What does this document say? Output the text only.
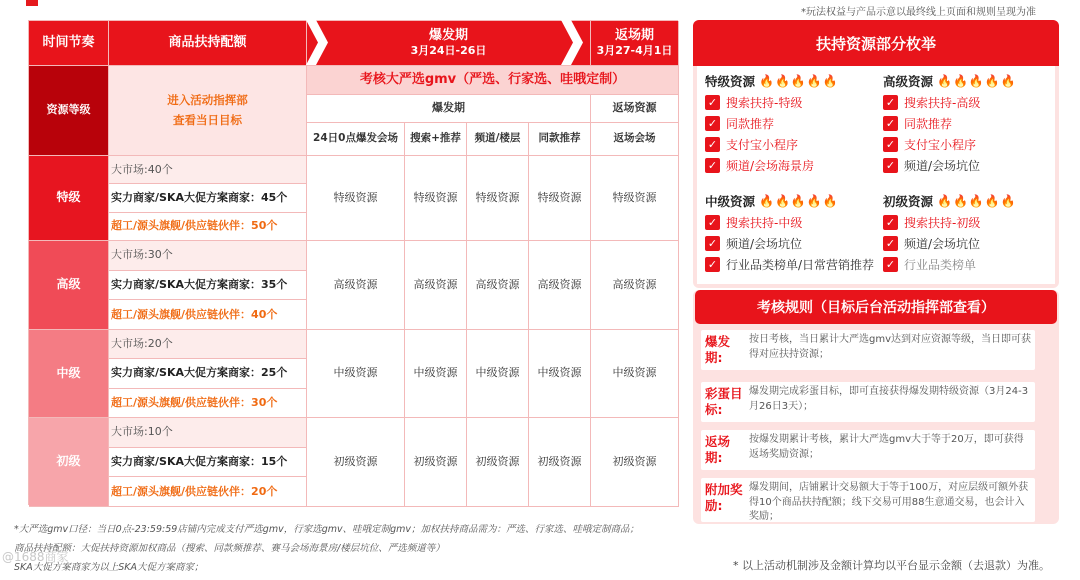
*玩法权益与产品示意以最终线上页面和规则呈现为准
时间节奏	商品扶持配额	爆发期
3月24日-26日
返场期
3月27-4月1日
资源等级
进入活动指挥部
查看当日目标
考核大严选gmv（严选、行家选、哇哦定制）
爆发期	返场资源
24日0点爆发会场	搜索+推荐	频道/楼层	同款推荐	返场会场
特级
大市场:40个
实力商家/SKA大促方案商家：45个
超工/源头旗舰/供应链伙伴：50个
特级资源	特级资源	特级资源	特级资源	特级资源
高级
大市场:30个
实力商家/SKA大促方案商家：35个
超工/源头旗舰/供应链伙伴：40个
高级资源	高级资源	高级资源	高级资源	高级资源
中级
大市场:20个
实力商家/SKA大促方案商家：25个
超工/源头旗舰/供应链伙伴：30个
中级资源	中级资源	中级资源	中级资源	中级资源
初级
大市场:10个
实力商家/SKA大促方案商家：15个
超工/源头旗舰/供应链伙伴：20个
初级资源	初级资源	初级资源	初级资源	初级资源
*大严选gmv口径：当日0点-23:59:59店铺内完成支付严选gmv，行家选gmv、哇哦定制gmv；加权扶持商品需为：严选、行家选、哇哦定制商品；
商品扶持配额：大促扶持资源加权商品（搜索、同款频推荐、赛马会场海景房/楼层坑位、严选频道等）
SKA大促方案商家为以上SKA大促方案商家；
@1688商家
* 以上活动机制涉及金额计算均以平台显示金额（去退款）为准。
扶持资源部分枚举
特级资源 🔥🔥🔥🔥🔥
✓ 搜索扶持-特级
✓ 同款推荐
✓ 支付宝小程序
✓ 频道/会场海景房
高级资源 🔥🔥🔥🔥🔥
✓ 搜索扶持-高级
✓ 同款推荐
✓ 支付宝小程序
✓ 频道/会场坑位
中级资源 🔥🔥🔥🔥🔥
✓ 搜索扶持-中级
✓ 频道/会场坑位
✓ 行业品类榜单/日常营销推荐
初级资源 🔥🔥🔥🔥🔥
✓ 搜索扶持-初级
✓ 频道/会场坑位
✓ 行业品类榜单
考核规则（目标后台活动指挥部查看）
爆发期:
按日考核，当日累计大严选gmv达到对应资源等级，当日即可获得对应扶持资源；
彩蛋目标:
爆发期完成彩蛋目标，即可直接获得爆发期特级资源（3月24-3月26日3天）；
返场期:
按爆发期累计考核，累计大严选gmv大于等于20万，即可获得返场奖励资源；
附加奖励:
爆发期间，店铺累计交易额大于等于100万，对应层级可额外获得10个商品扶持配额；线下交易可用88生意通交易，也会计入奖励；
